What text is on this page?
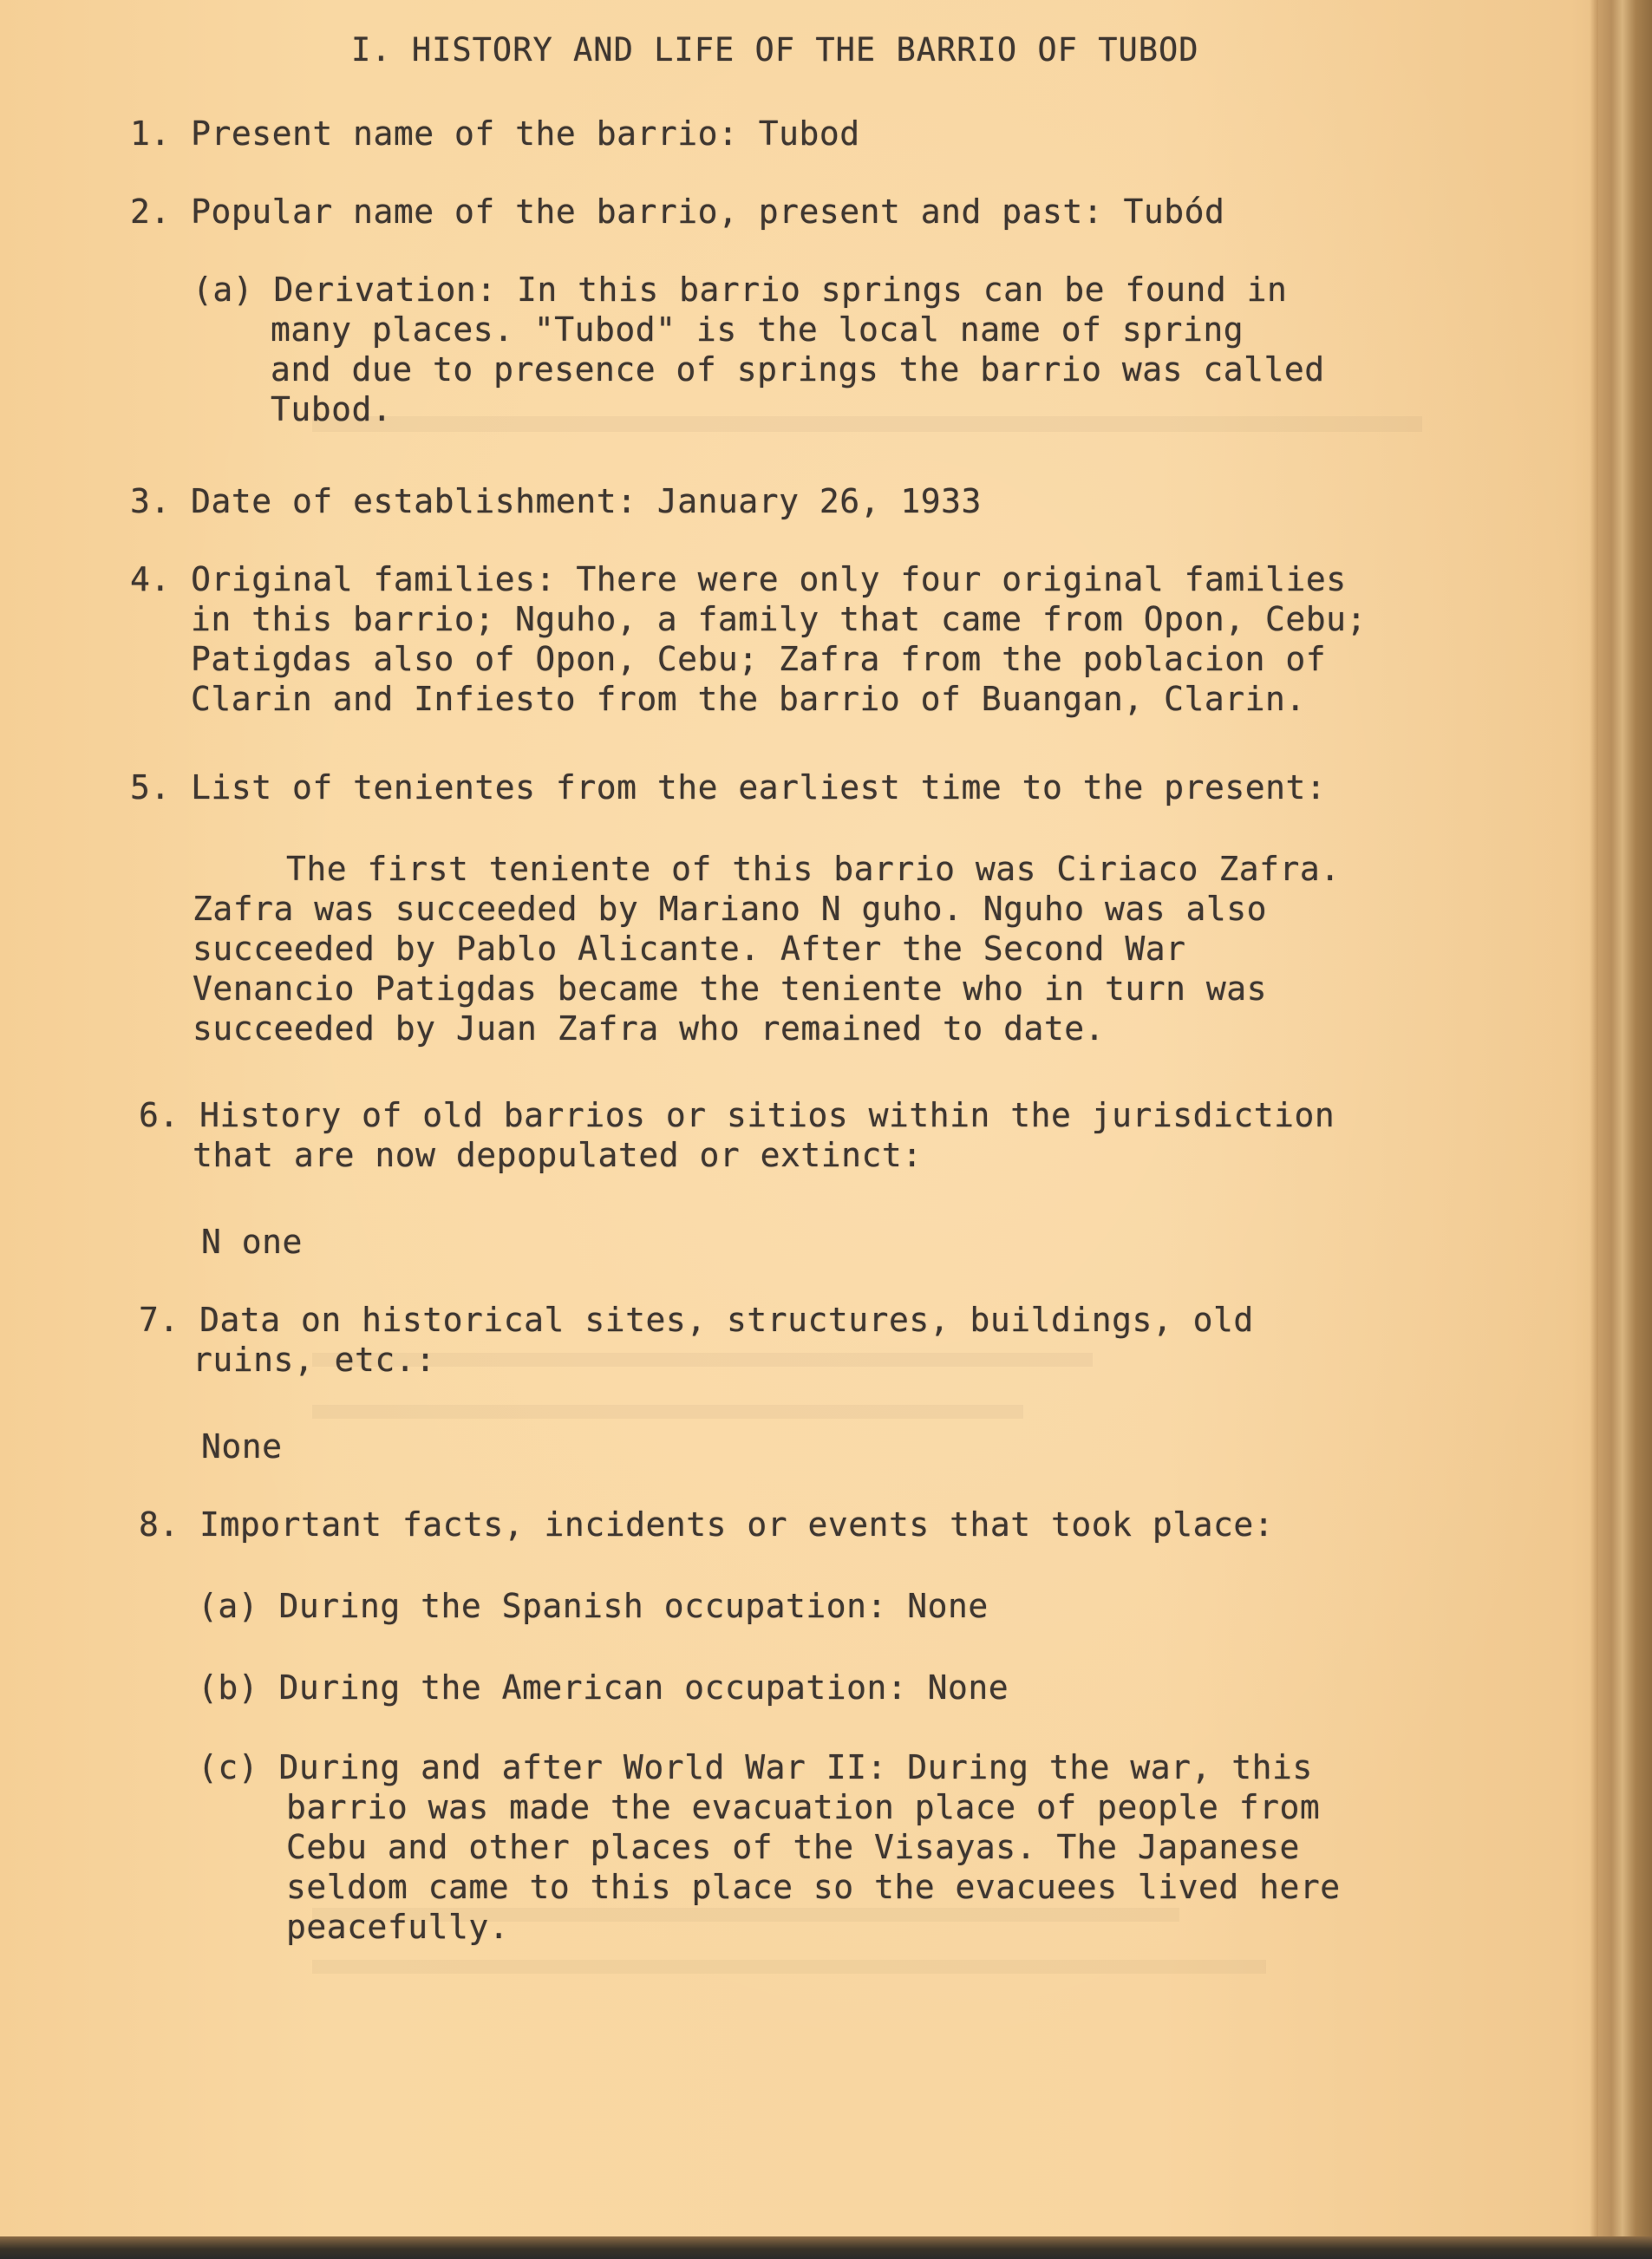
I. HISTORY AND LIFE OF THE BARRIO OF TUBOD
1. Present name of the barrio: Tubod
2. Popular name of the barrio, present and past: Tubód
(a) Derivation: In this barrio springs can be found in
many places. "Tubod" is the local name of spring
and due to presence of springs the barrio was called
Tubod.
3. Date of establishment: January 26, 1933
4. Original families: There were only four original families
in this barrio; Nguho, a family that came from Opon, Cebu;
Patigdas also of Opon, Cebu; Zafra from the poblacion of
Clarin and Infiesto from the barrio of Buangan, Clarin.
5. List of tenientes from the earliest time to the present:
The first teniente of this barrio was Ciriaco Zafra.
Zafra was succeeded by Mariano N guho. Nguho was also
succeeded by Pablo Alicante. After the Second War
Venancio Patigdas became the teniente who in turn was
succeeded by Juan Zafra who remained to date.
6. History of old barrios or sitios within the jurisdiction
that are now depopulated or extinct:
N one
7. Data on historical sites, structures, buildings, old
ruins, etc.:
None
8. Important facts, incidents or events that took place:
(a) During the Spanish occupation: None
(b) During the American occupation: None
(c) During and after World War II: During the war, this
barrio was made the evacuation place of people from
Cebu and other places of the Visayas. The Japanese
seldom came to this place so the evacuees lived here
peacefully.
